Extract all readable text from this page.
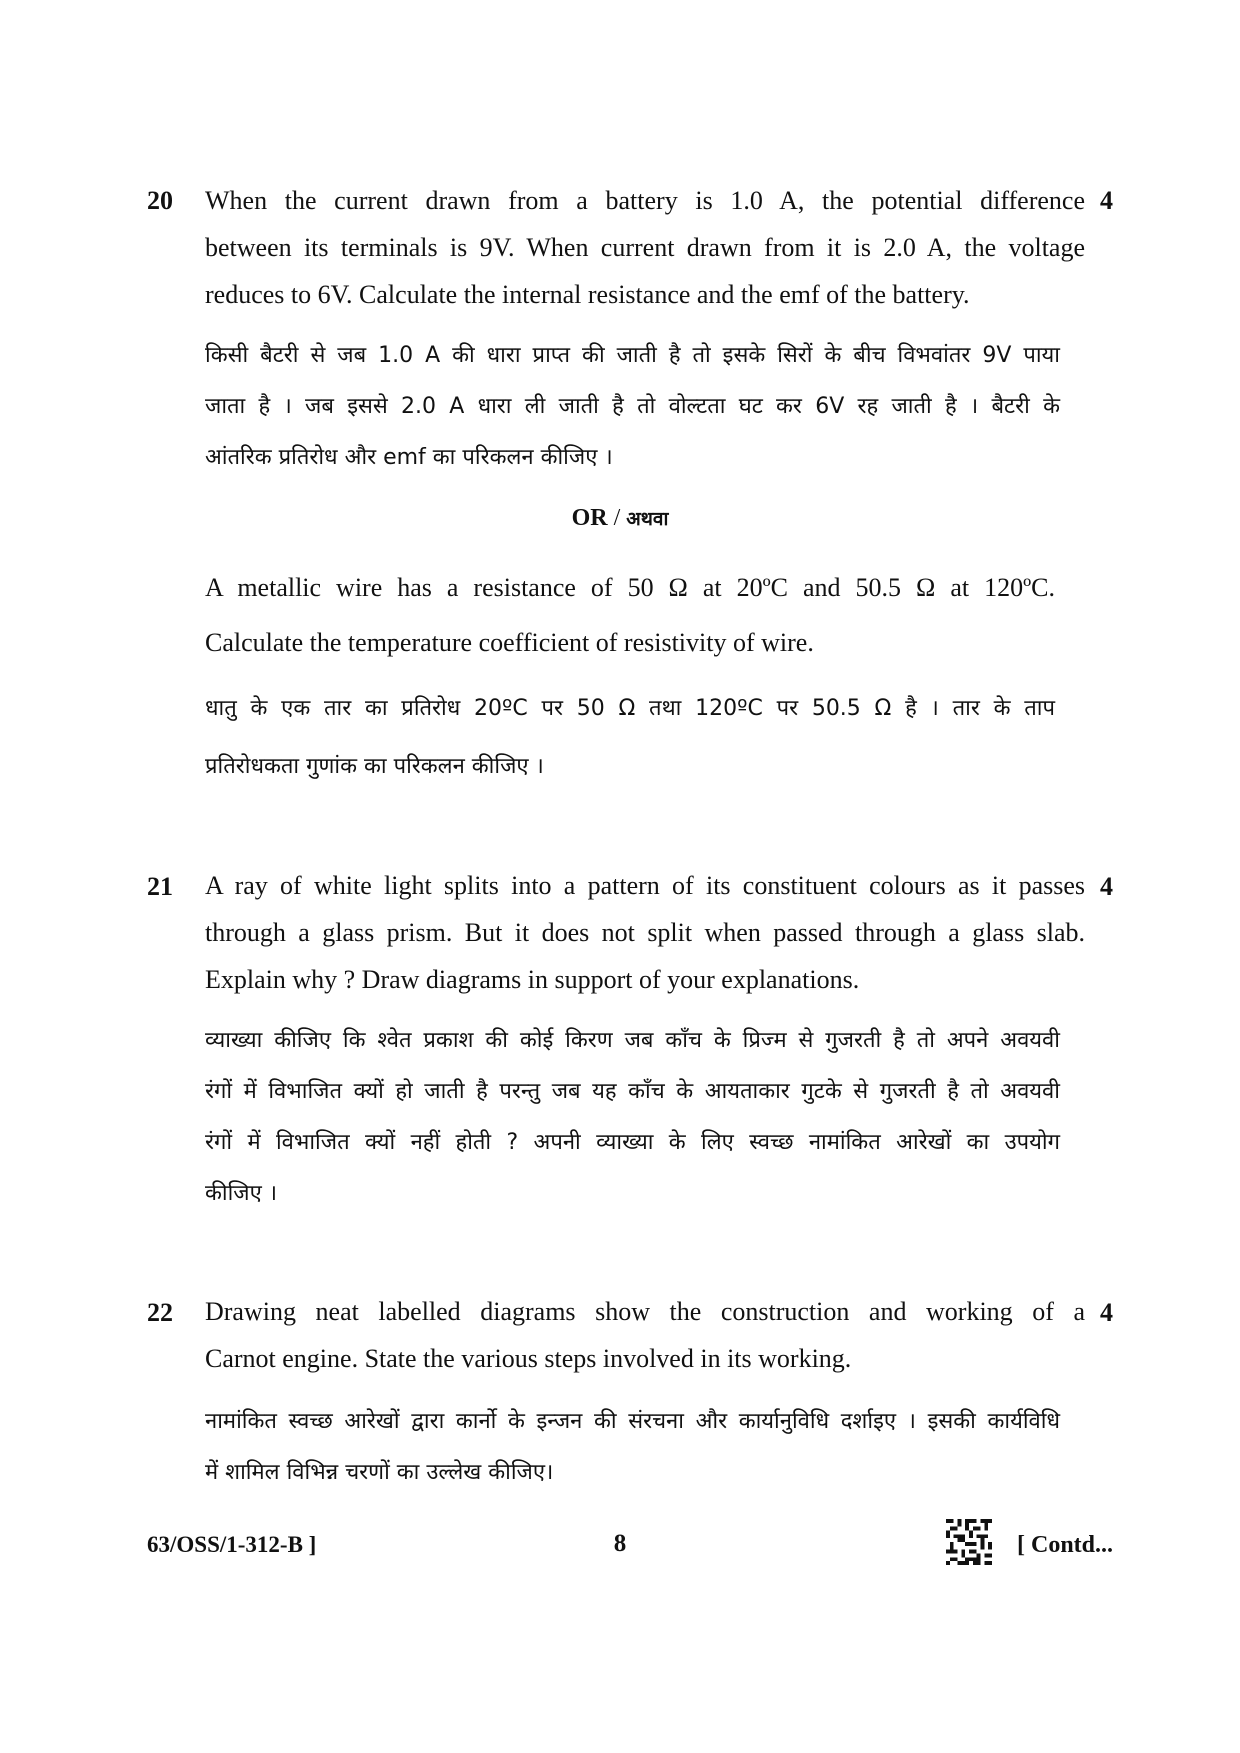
20	4
When the current drawn from a battery is 1.0 A, the potential difference
between its terminals is 9V. When current drawn from it is 2.0 A, the voltage
reduces to 6V. Calculate the internal resistance and the emf of the battery.
किसी बैटरी से जब 1.0 A की धारा प्राप्त की जाती है तो इसके सिरों के बीच विभवांतर 9V पाया
जाता है । जब इससे 2.0 A धारा ली जाती है तो वोल्टता घट कर 6V रह जाती है । बैटरी के
आंतरिक प्रतिरोध और emf का परिकलन कीजिए ।
OR / अथवा
A metallic wire has a resistance of 50 Ω at 20ºC and 50.5 Ω at 120ºC.
Calculate the temperature coefficient of resistivity of wire.
धातु के एक तार का प्रतिरोध 20ºC पर 50 Ω तथा 120ºC पर 50.5 Ω है । तार के ताप
प्रतिरोधकता गुणांक का परिकलन कीजिए ।
21	4
A ray of white light splits into a pattern of its constituent colours as it passes
through a glass prism. But it does not split when passed through a glass slab.
Explain why ? Draw diagrams in support of your explanations.
व्याख्या कीजिए कि श्वेत प्रकाश की कोई किरण जब काँच के प्रिज्म से गुजरती है तो अपने अवयवी
रंगों में विभाजित क्यों हो जाती है परन्तु जब यह काँच के आयताकार गुटके से गुजरती है तो अवयवी
रंगों में विभाजित क्यों नहीं होती ? अपनी व्याख्या के लिए स्वच्छ नामांकित आरेखों का उपयोग
कीजिए ।
22	4
Drawing neat labelled diagrams show the construction and working of a
Carnot engine. State the various steps involved in its working.
नामांकित स्वच्छ आरेखों द्वारा कार्नो के इन्जन की संरचना और कार्यानुविधि दर्शाइए । इसकी कार्यविधि
में शामिल विभिन्न चरणों का उल्लेख कीजिए।
63/OSS/1-312-B ]	8	[ Contd...
